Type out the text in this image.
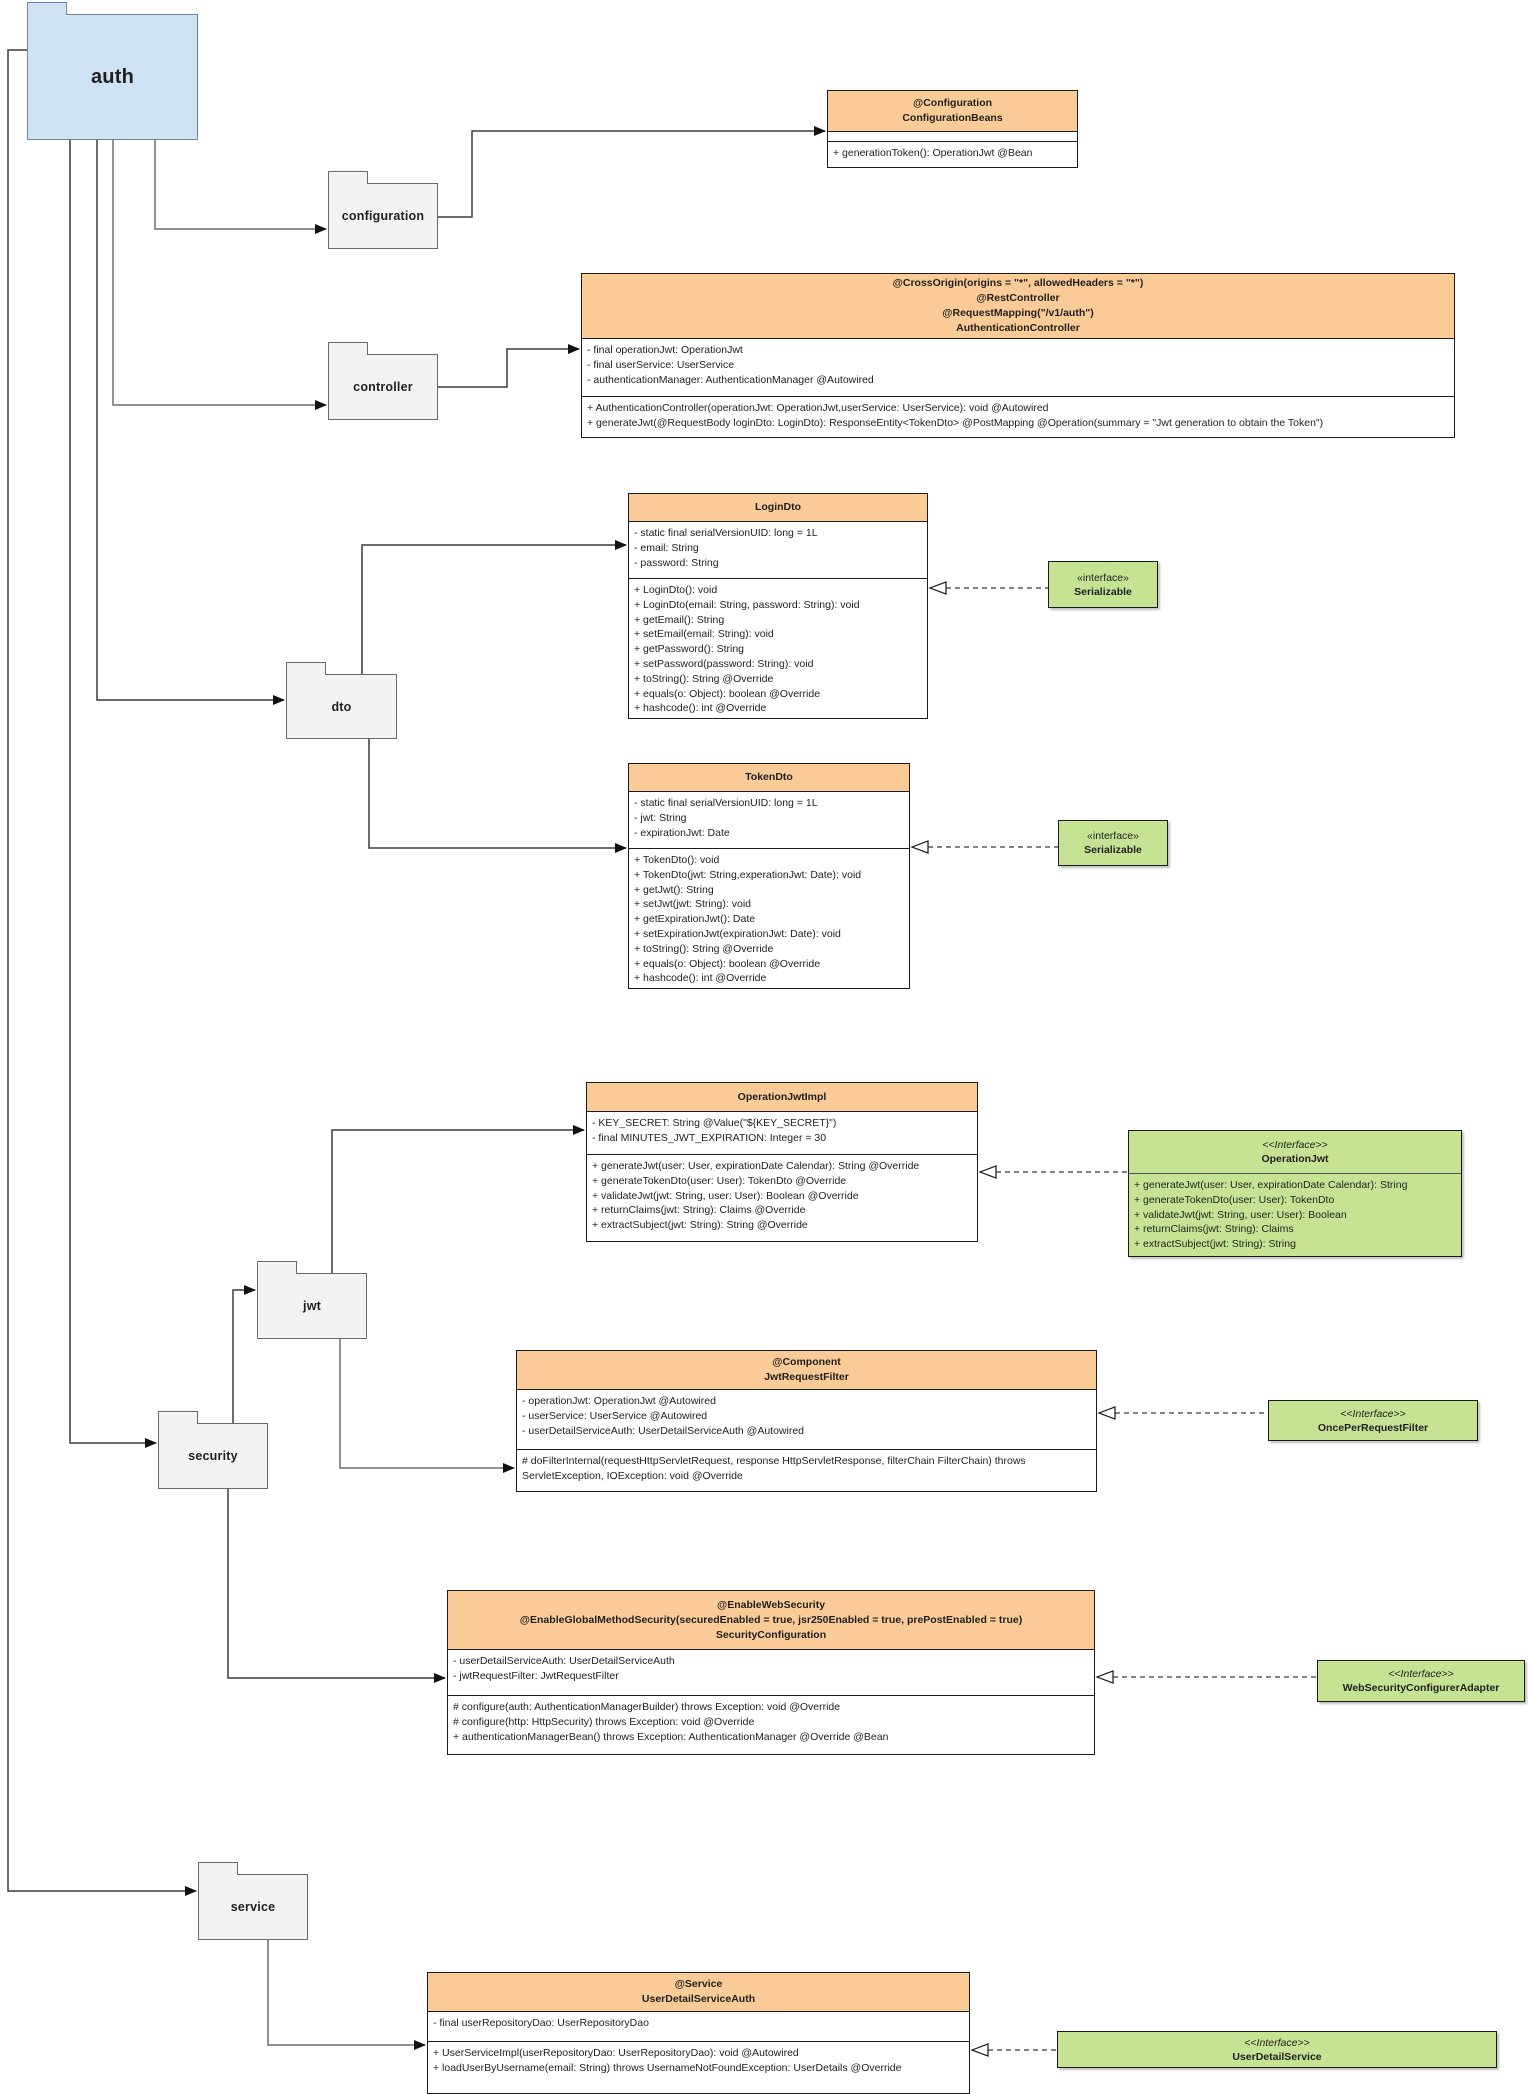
auth
configuration
controller
dto
jwt
security
service
@Configuration
ConfigurationBeans
+ generationToken(): OperationJwt @Bean
@CrossOrigin(origins = "*", allowedHeaders = "*")
@RestController
@RequestMapping("/v1/auth")
AuthenticationController
- final operationJwt: OperationJwt
- final userService: UserService
- authenticationManager: AuthenticationManager @Autowired
+ AuthenticationController(operationJwt: OperationJwt,userService: UserService): void @Autowired
+ generateJwt(@RequestBody loginDto: LoginDto): ResponseEntity<TokenDto> @PostMapping @Operation(summary = "Jwt generation to obtain the Token")
LoginDto
- static final serialVersionUID: long = 1L
- email: String
- password: String
+ LoginDto(): void
+ LoginDto(email: String, password: String): void
+ getEmail(): String
+ setEmail(email: String): void
+ getPassword(): String
+ setPassword(password: String): void
+ toString(): String @Override
+ equals(o: Object): boolean @Override
+ hashcode(): int @Override
TokenDto
- static final serialVersionUID: long = 1L
- jwt: String
- expirationJwt: Date
+ TokenDto(): void
+ TokenDto(jwt: String,experationJwt: Date): void
+ getJwt(): String
+ setJwt(jwt: String): void
+ getExpirationJwt(): Date
+ setExpirationJwt(expirationJwt: Date): void
+ toString(): String @Override
+ equals(o: Object): boolean @Override
+ hashcode(): int @Override
OperationJwtImpl
- KEY_SECRET: String @Value("${KEY_SECRET}")
- final MINUTES_JWT_EXPIRATION: Integer = 30
+ generateJwt(user: User, expirationDate Calendar): String @Override
+ generateTokenDto(user: User): TokenDto @Override
+ validateJwt(jwt: String, user: User): Boolean @Override
+ returnClaims(jwt: String): Claims @Override
+ extractSubject(jwt: String): String @Override
@Component
JwtRequestFilter
- operationJwt: OperationJwt @Autowired
- userService: UserService @Autowired
- userDetailServiceAuth: UserDetailServiceAuth @Autowired
# doFilterInternal(requestHttpServletRequest, response HttpServletResponse, filterChain FilterChain) throws ServletException, IOException: void @Override
@EnableWebSecurity
@EnableGlobalMethodSecurity(securedEnabled = true, jsr250Enabled = true, prePostEnabled = true)
SecurityConfiguration
- userDetailServiceAuth: UserDetailServiceAuth
- jwtRequestFilter: JwtRequestFilter
# configure(auth: AuthenticationManagerBuilder) throws Exception: void @Override
# configure(http: HttpSecurity) throws Exception: void @Override
+ authenticationManagerBean() throws Exception: AuthenticationManager @Override @Bean
@Service
UserDetailServiceAuth
- final userRepositoryDao: UserRepositoryDao
+ UserServiceImpl(userRepositoryDao: UserRepositoryDao): void @Autowired
+ loadUserByUsername(email: String) throws UsernameNotFoundException: UserDetails @Override
«interface»
Serializable
«interface»
Serializable
<<Interface>>
OperationJwt
+ generateJwt(user: User, expirationDate Calendar): String
+ generateTokenDto(user: User): TokenDto
+ validateJwt(jwt: String, user: User): Boolean
+ returnClaims(jwt: String): Claims
+ extractSubject(jwt: String): String
<<Interface>>
OncePerRequestFilter
<<Interface>>
WebSecurityConfigurerAdapter
<<Interface>>
UserDetailService
